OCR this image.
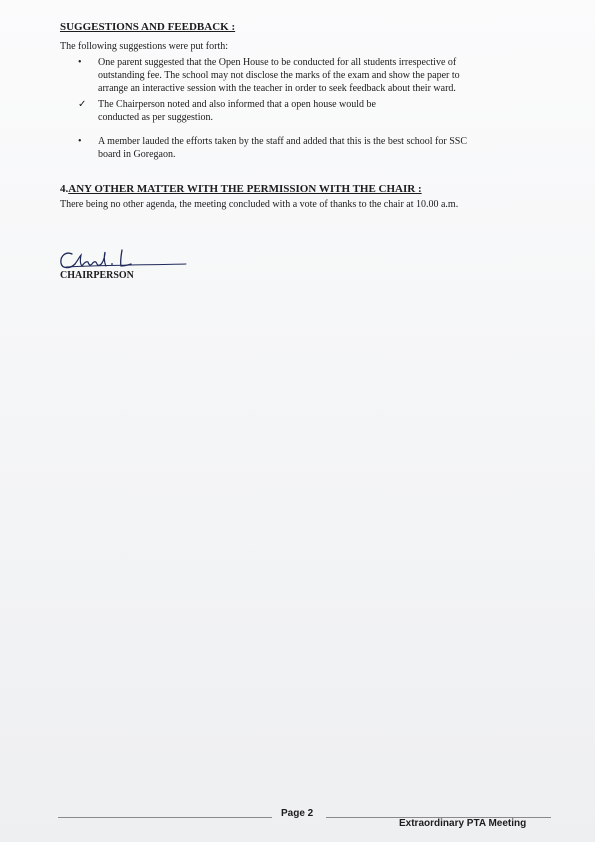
SUGGESTIONS AND FEEDBACK :
The following suggestions were put forth:
• One parent suggested that the Open House to be conducted for all students irrespective of
outstanding fee. The school may not disclose the marks of the exam and show the paper to
arrange an interactive session with the teacher in order to seek feedback about their ward.
✓ The Chairperson noted and also informed that a open house would be
conducted as per suggestion.
• A member lauded the efforts taken by the staff and added that this is the best school for SSC
board in Goregaon.
4.ANY OTHER MATTER WITH THE PERMISSION WITH THE CHAIR :
There being no other agenda, the meeting concluded with a vote of thanks to the chair at 10.00 a.m.
CHAIRPERSON
Page 2
Extraordinary PTA Meeting
